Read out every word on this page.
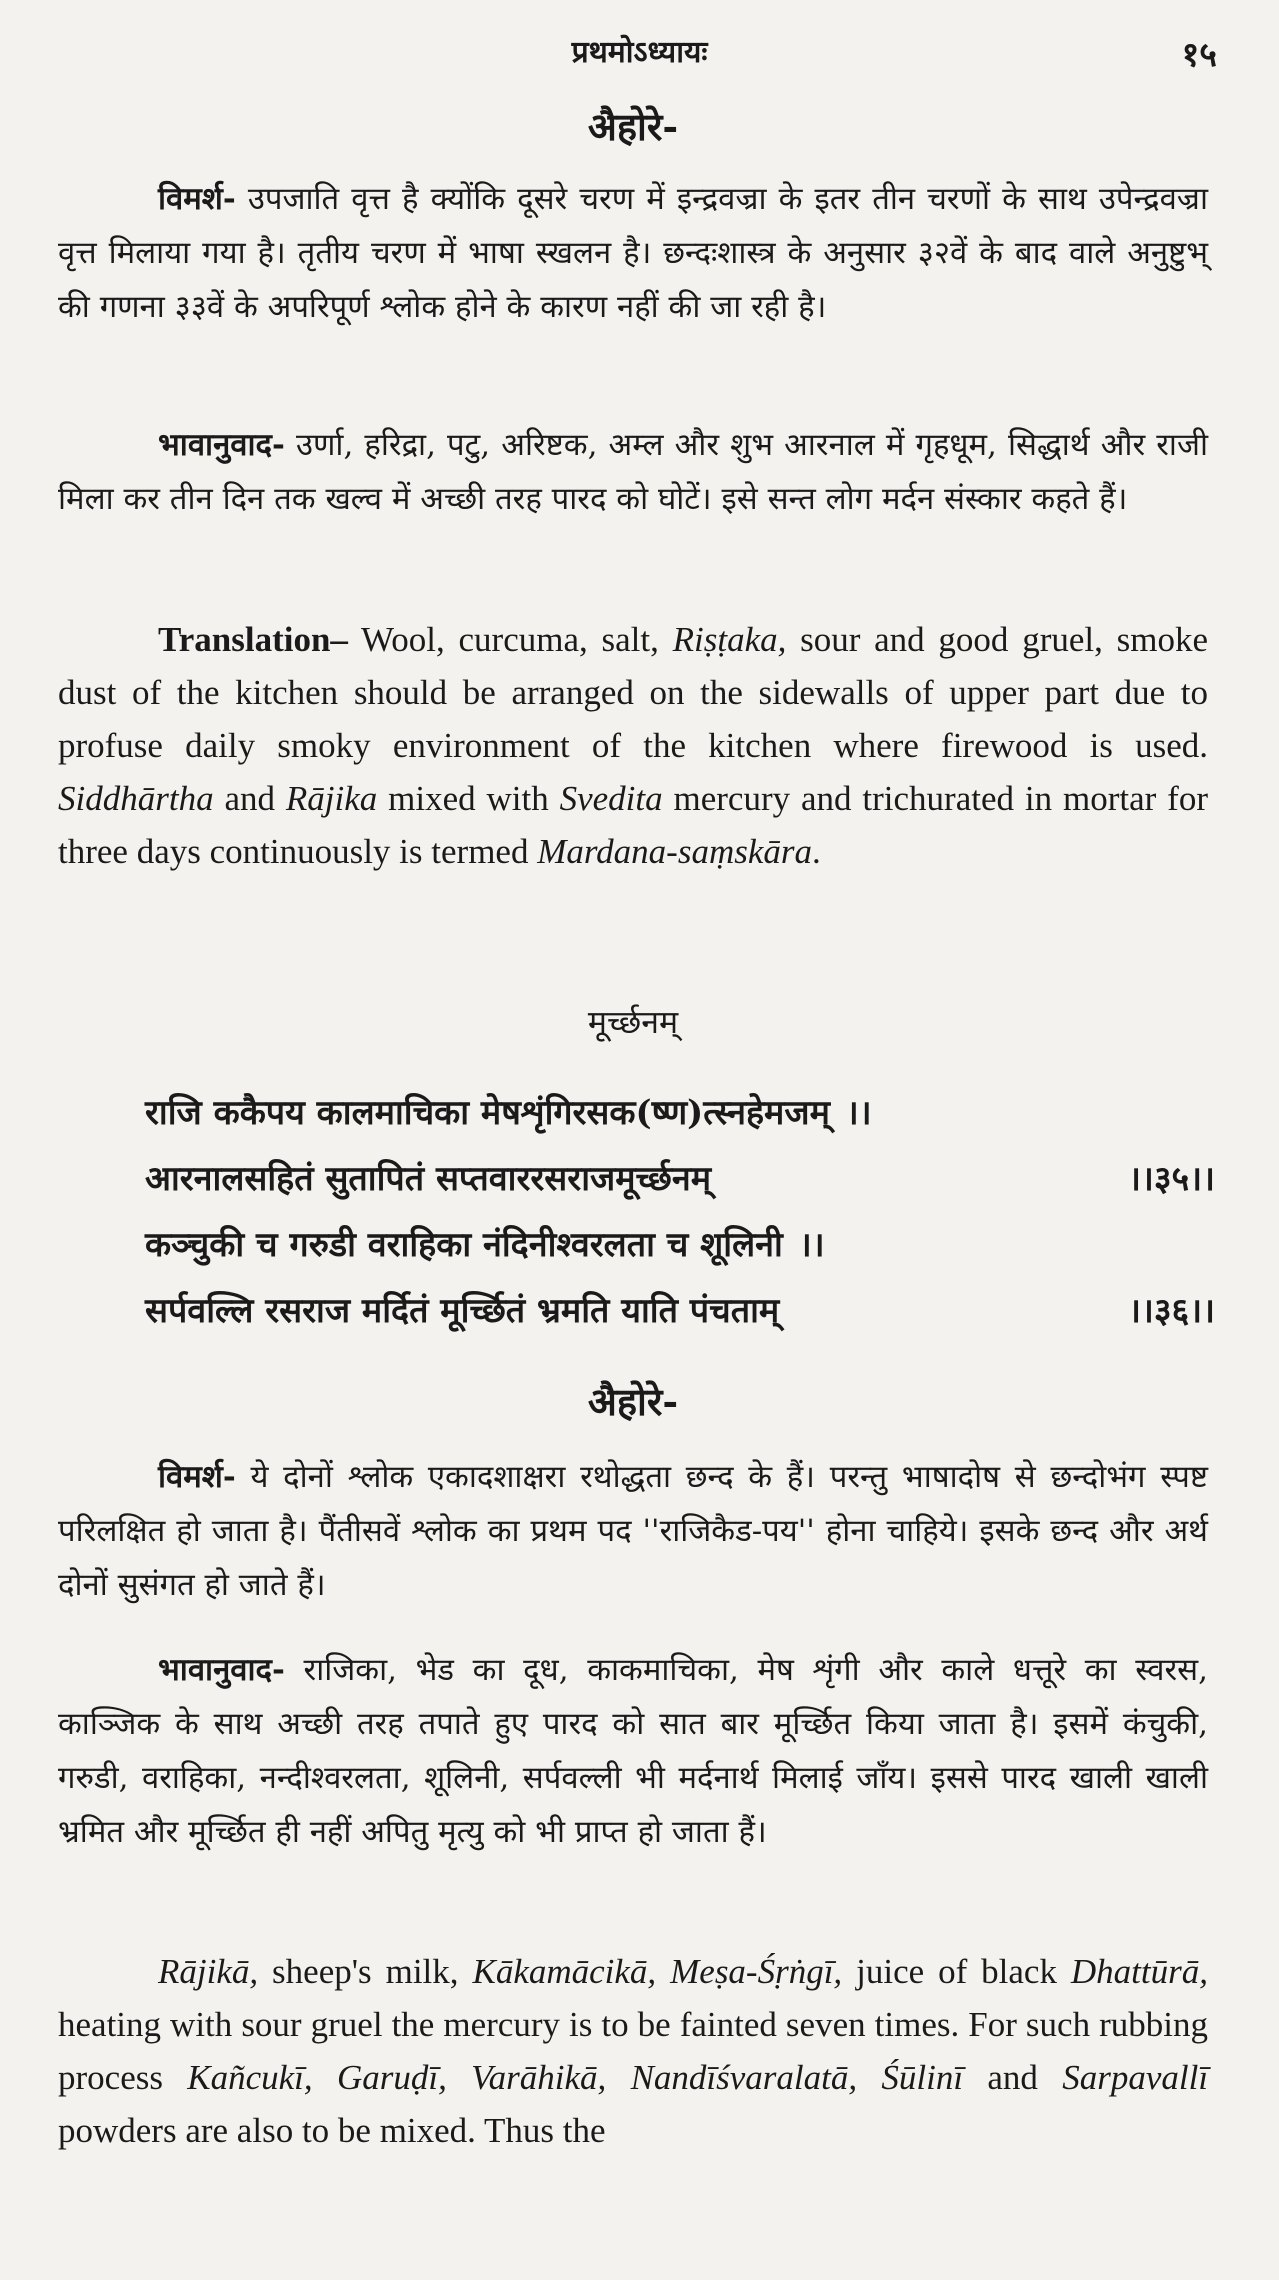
प्रथमोऽध्यायः	१५
अैहोरे-

विमर्श- उपजाति वृत्त है क्योंकि दूसरे चरण में इन्द्रवज्रा के इतर तीन चरणों के साथ उपेन्द्रवज्रा वृत्त मिलाया गया है। तृतीय चरण में भाषा स्खलन है। छन्दःशास्त्र के अनुसार ३२वें के बाद वाले अनुष्टुभ् की गणना ३३वें के अपरिपूर्ण श्लोक होने के कारण नहीं की जा रही है।

भावानुवाद- उर्णा, हरिद्रा, पटु, अरिष्टक, अम्ल और शुभ आरनाल में गृहधूम, सिद्धार्थ और राजी मिला कर तीन दिन तक खल्व में अच्छी तरह पारद को घोटें। इसे सन्त लोग मर्दन संस्कार कहते हैं।

Translation– Wool, curcuma, salt, Riṣṭaka, sour and good gruel, smoke dust of the kitchen should be arranged on the sidewalls of upper part due to profuse daily smoky environment of the kitchen where firewood is used. Siddhārtha and Rājika mixed with Svedita mercury and trichurated in mortar for three days continuously is termed Mardana-saṃskāra.

मूर्च्छनम्
राजि ककैपय कालमाचिका मेषशृंगिरसक(ष्ण)त्स्नहेमजम् ।।
आरनालसहितं सुतापितं सप्तवाररसराजमूर्च्छनम्	।।३५।।
कञ्चुकी च गरुडी वराहिका नंदिनीश्वरलता च शूलिनी ।।
सर्पवल्लि रसराज मर्दितं मूर्च्छितं भ्रमति याति पंचताम्	।।३६।।
अैहोरे-

विमर्श- ये दोनों श्लोक एकादशाक्षरा रथोद्धता छन्द के हैं। परन्तु भाषादोष से छन्दोभंग स्पष्ट परिलक्षित हो जाता है। पैंतीसवें श्लोक का प्रथम पद ''राजिकैड-पय'' होना चाहिये। इसके छन्द और अर्थ दोनों सुसंगत हो जाते हैं।

भावानुवाद- राजिका, भेड का दूध, काकमाचिका, मेष शृंगी और काले धत्तूरे का स्वरस, काञ्जिक के साथ अच्छी तरह तपाते हुए पारद को सात बार मूर्च्छित किया जाता है। इसमें कंचुकी, गरुडी, वराहिका, नन्दीश्वरलता, शूलिनी, सर्पवल्ली भी मर्दनार्थ मिलाई जाँय। इससे पारद खाली खाली भ्रमित और मूर्च्छित ही नहीं अपितु मृत्यु को भी प्राप्त हो जाता हैं।

Rājikā, sheep's milk, Kākamācikā, Meṣa-Śṛṅgī, juice of black Dhattūrā, heating with sour gruel the mercury is to be fainted seven times. For such rubbing process Kañcukī, Garuḍī, Varāhikā, Nandīśvaralatā, Śūlinī and Sarpavallī powders are also to be mixed. Thus the
